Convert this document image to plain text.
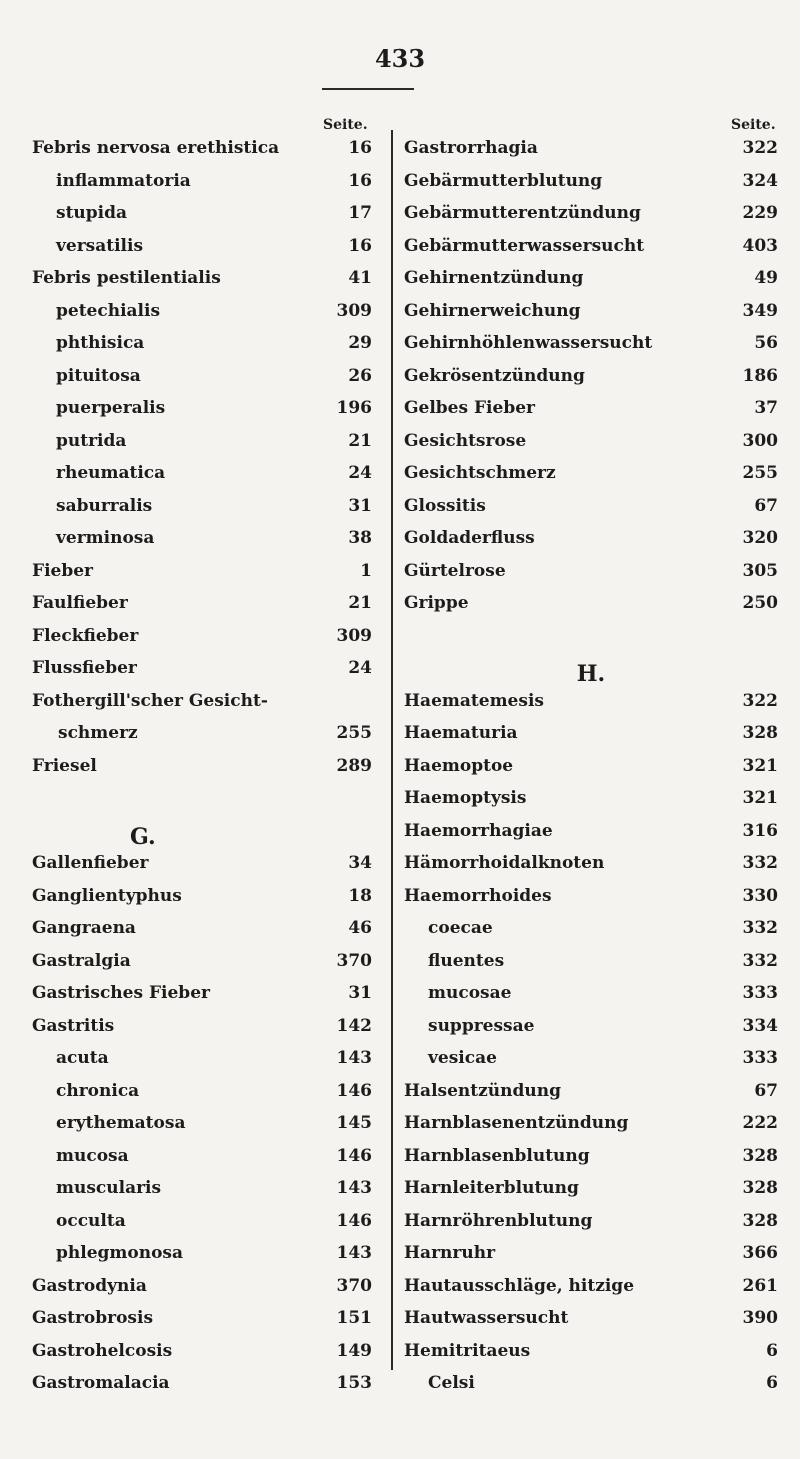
433
Seite.	Seite.
Febris nervosa erethistica	16
inflammatoria	16
stupida	17
versatilis	16
Febris pestilentialis	41
petechialis	309
phthisica	29
pituitosa	26
puerperalis	196
putrida	21
rheumatica	24
saburralis	31
verminosa	38
Fieber	1
Faulfieber	21
Fleckfieber	309
Flussfieber	24
Fothergill'scher Gesicht-
schmerz	255
Friesel	289
G.
Gallenfieber	34
Ganglientyphus	18
Gangraena	46
Gastralgia	370
Gastrisches Fieber	31
Gastritis	142
acuta	143
chronica	146
erythematosa	145
mucosa	146
muscularis	143
occulta	146
phlegmonosa	143
Gastrodynia	370
Gastrobrosis	151
Gastrohelcosis	149
Gastromalacia	153
Gastrorrhagia	322
Gebärmutterblutung	324
Gebärmutterentzündung	229
Gebärmutterwassersucht	403
Gehirnentzündung	49
Gehirnerweichung	349
Gehirnhöhlenwassersucht	56
Gekrösentzündung	186
Gelbes Fieber	37
Gesichtsrose	300
Gesichtschmerz	255
Glossitis	67
Goldaderfluss	320
Gürtelrose	305
Grippe	250
H.
Haematemesis	322
Haematuria	328
Haemoptoe	321
Haemoptysis	321
Haemorrhagiae	316
Hämorrhoidalknoten	332
Haemorrhoides	330
coecae	332
fluentes	332
mucosae	333
suppressae	334
vesicae	333
Halsentzündung	67
Harnblasenentzündung	222
Harnblasenblutung	328
Harnleiterblutung	328
Harnröhrenblutung	328
Harnruhr	366
Hautausschläge, hitzige	261
Hautwassersucht	390
Hemitritaeus	6
Celsi	6
